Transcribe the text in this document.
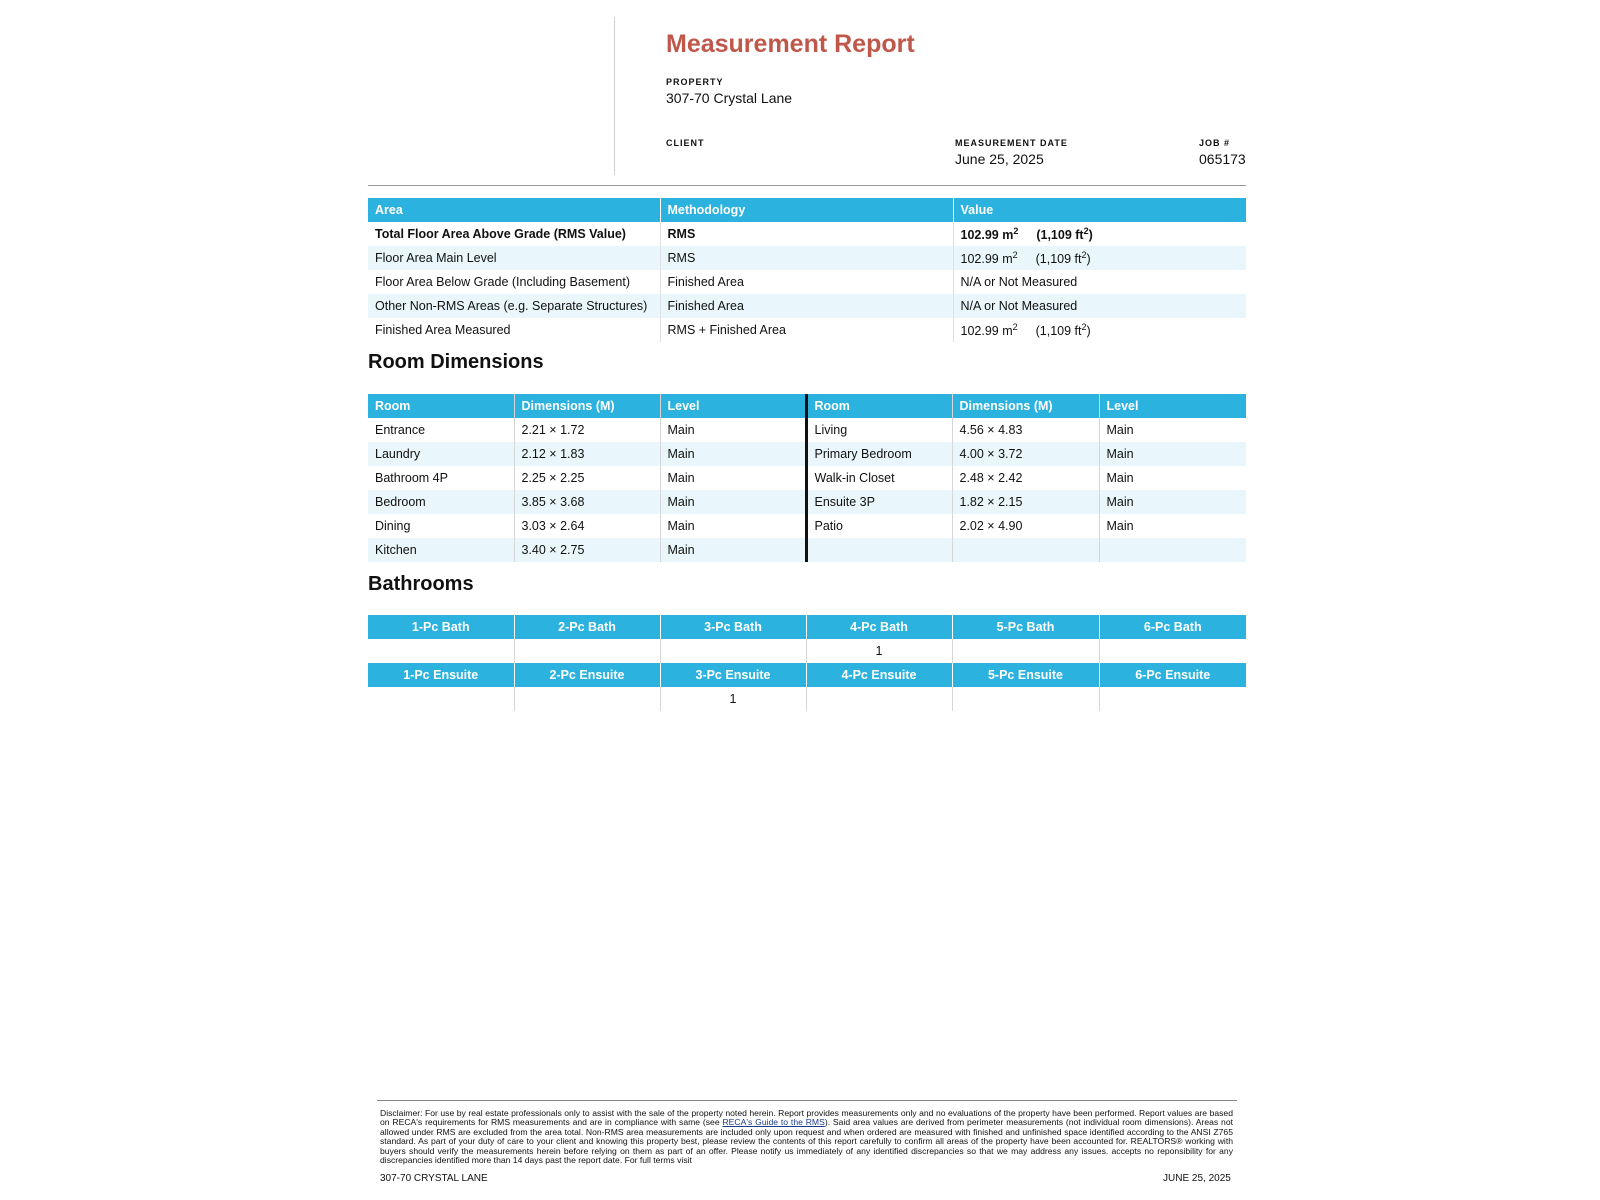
Measurement Report
PROPERTY
307-70 Crystal Lane
CLIENT	MEASUREMENT DATE
June 25, 2025
JOB #
065173
Area	Methodology	Value
Total Floor Area Above Grade (RMS Value)	RMS	102.99 $m^2$ (1,109 $ft^2$)
Floor Area Main Level	RMS	102.99 $m^2$ (1,109 $ft^2$)
Floor Area Below Grade (Including Basement)	Finished Area	N/A or Not Measured
Other Non-RMS Areas (e.g. Separate Structures)	Finished Area	N/A or Not Measured
Finished Area Measured	RMS + Finished Area	102.99 $m^2$ (1,109 $ft^2$)
Room Dimensions
Room	Dimensions (M)	Level	Room	Dimensions (M)	Level
Entrance	2.21 × 1.72	Main	Living	4.56 × 4.83	Main
Laundry	2.12 × 1.83	Main	Primary Bedroom	4.00 × 3.72	Main
Bathroom 4P	2.25 × 2.25	Main	Walk-in Closet	2.48 × 2.42	Main
Bedroom	3.85 × 3.68	Main	Ensuite 3P	1.82 × 2.15	Main
Dining	3.03 × 2.64	Main	Patio	2.02 × 4.90	Main
Kitchen	3.40 × 2.75	Main			
Bathrooms
1-Pc Bath	2-Pc Bath	3-Pc Bath	4-Pc Bath	5-Pc Bath	6-Pc Bath
			1		
1-Pc Ensuite	2-Pc Ensuite	3-Pc Ensuite	4-Pc Ensuite	5-Pc Ensuite	6-Pc Ensuite
		1			
Disclaimer: For use by real estate professionals only to assist with the sale of the property noted herein. Report provides measurements only and no evaluations of the property have been performed. Report values are based on RECA's requirements for RMS measurements and are in compliance with same (see RECA's Guide to the RMS). Said area values are derived from perimeter measurements (not individual room dimensions). Areas not allowed under RMS are excluded from the area total. Non-RMS area measurements are included only upon request and when ordered are measured with finished and unfinished space identified according to the ANSI Z765 standard. As part of your duty of care to your client and knowing this property best, please review the contents of this report carefully to confirm all areas of the property have been accounted for. REALTORS® working with buyers should verify the measurements herein before relying on them as part of an offer. Please notify us immediately of any identified discrepancies so that we may address any issues. accepts no reponsibility for any discrepancies identified more than 14 days past the report date. For full terms visit
307-70 CRYSTAL LANE	JUNE 25, 2025
